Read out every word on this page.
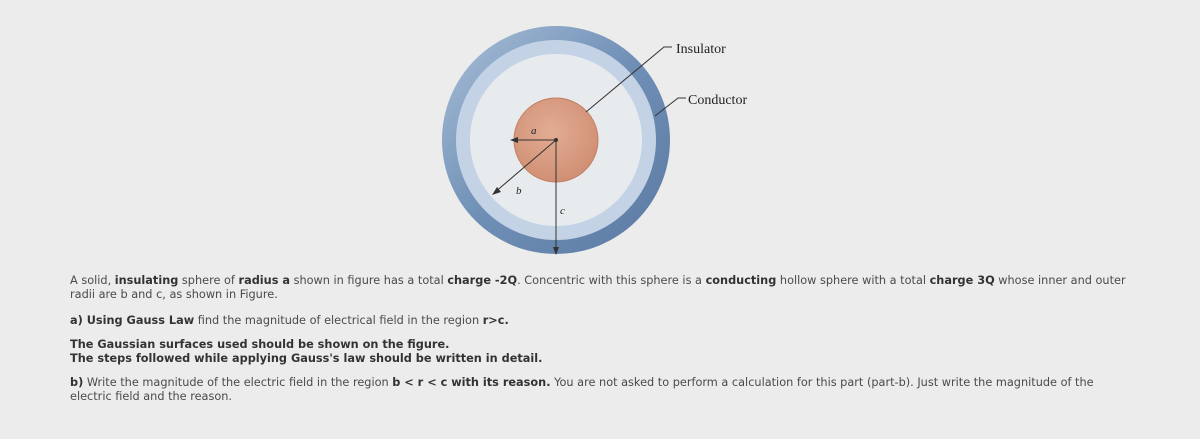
a
b
c
Insulator
Conductor

A solid, insulating sphere of radius a shown in figure has a total charge -2Q. Concentric with this sphere is a conducting hollow sphere with a total charge 3Q whose inner and outer radii are b and c, as shown in Figure.

a) Using Gauss Law find the magnitude of electrical field in the region r>c.

The Gaussian surfaces used should be shown on the figure.
The steps followed while applying Gauss's law should be written in detail.

b) Write the magnitude of the electric field in the region b < r < c with its reason. You are not asked to perform a calculation for this part (part-b). Just write the magnitude of the electric field and the reason.
